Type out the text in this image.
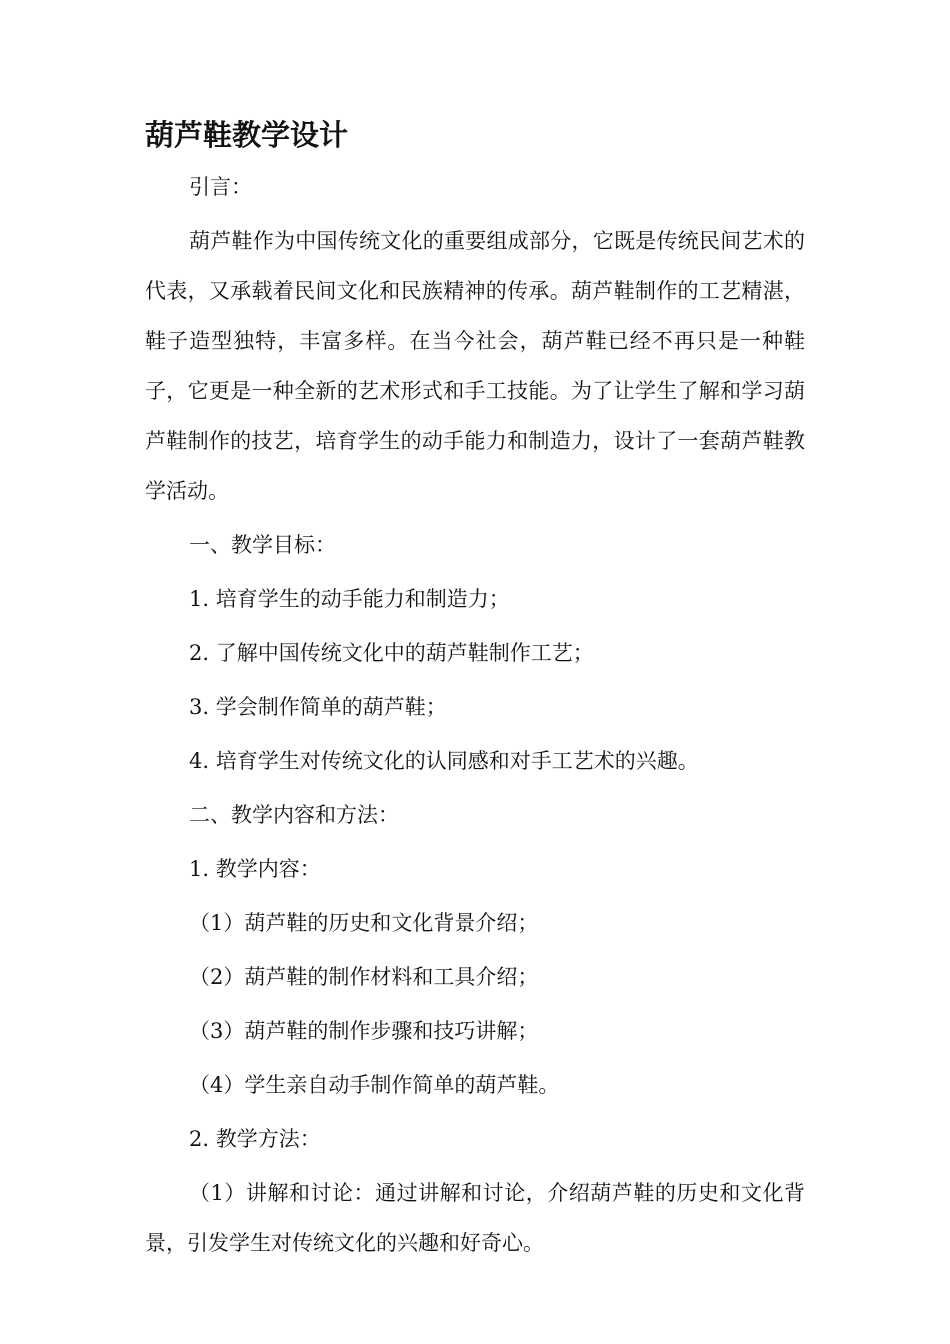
葫芦鞋教学设计

引言：

葫芦鞋作为中国传统文化的重要组成部分，它既是传统民间艺术的代表，又承载着民间文化和民族精神的传承。葫芦鞋制作的工艺精湛，鞋子造型独特，丰富多样。在当今社会，葫芦鞋已经不再只是一种鞋子，它更是一种全新的艺术形式和手工技能。为了让学生了解和学习葫芦鞋制作的技艺，培育学生的动手能力和制造力，设计了一套葫芦鞋教学活动。

一、教学目标：

1. 培育学生的动手能力和制造力；

2. 了解中国传统文化中的葫芦鞋制作工艺；

3. 学会制作简单的葫芦鞋；

4. 培育学生对传统文化的认同感和对手工艺术的兴趣。

二、教学内容和方法：

1. 教学内容：

（1）葫芦鞋的历史和文化背景介绍；

（2）葫芦鞋的制作材料和工具介绍；

（3）葫芦鞋的制作步骤和技巧讲解；

（4）学生亲自动手制作简单的葫芦鞋。

2. 教学方法：

（1）讲解和讨论：通过讲解和讨论，介绍葫芦鞋的历史和文化背景，引发学生对传统文化的兴趣和好奇心。
